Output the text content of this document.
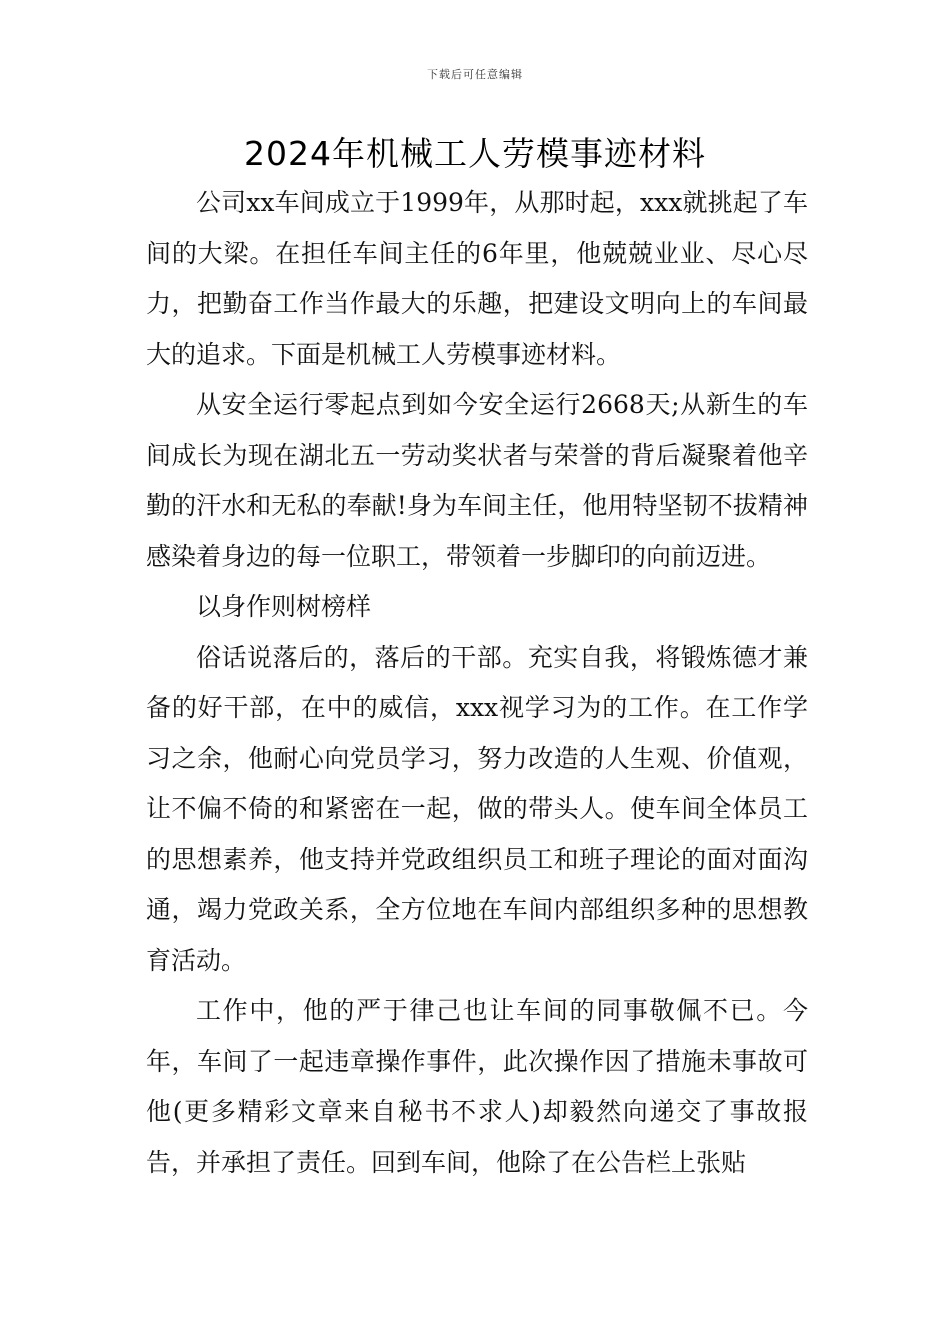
下载后可任意编辑
2024年机械工人劳模事迹材料

公司xx车间成立于1999年，从那时起，xxx就挑起了车间的大梁。在担任车间主任的6年里，他兢兢业业、尽心尽力，把勤奋工作当作最大的乐趣，把建设文明向上的车间最大的追求。下面是机械工人劳模事迹材料。

从安全运行零起点到如今安全运行2668天;从新生的车间成长为现在湖北五一劳动奖状者与荣誉的背后凝聚着他辛勤的汗水和无私的奉献!身为车间主任，他用特坚韧不拔精神感染着身边的每一位职工，带领着一步脚印的向前迈进。

以身作则树榜样

俗话说落后的，落后的干部。充实自我，将锻炼德才兼备的好干部，在中的威信，xxx视学习为的工作。在工作学习之余，他耐心向党员学习，努力改造的人生观、价值观，让不偏不倚的和紧密在一起，做的带头人。使车间全体员工的思想素养，他支持并党政组织员工和班子理论的面对面沟通，竭力党政关系，全方位地在车间内部组织多种的思想教育活动。

工作中，他的严于律己也让车间的同事敬佩不已。今年，车间了一起违章操作事件，此次操作因了措施未事故可他(更多精彩文章来自秘书不求人)却毅然向递交了事故报告，并承担了责任。回到车间，他除了在公告栏上张贴
